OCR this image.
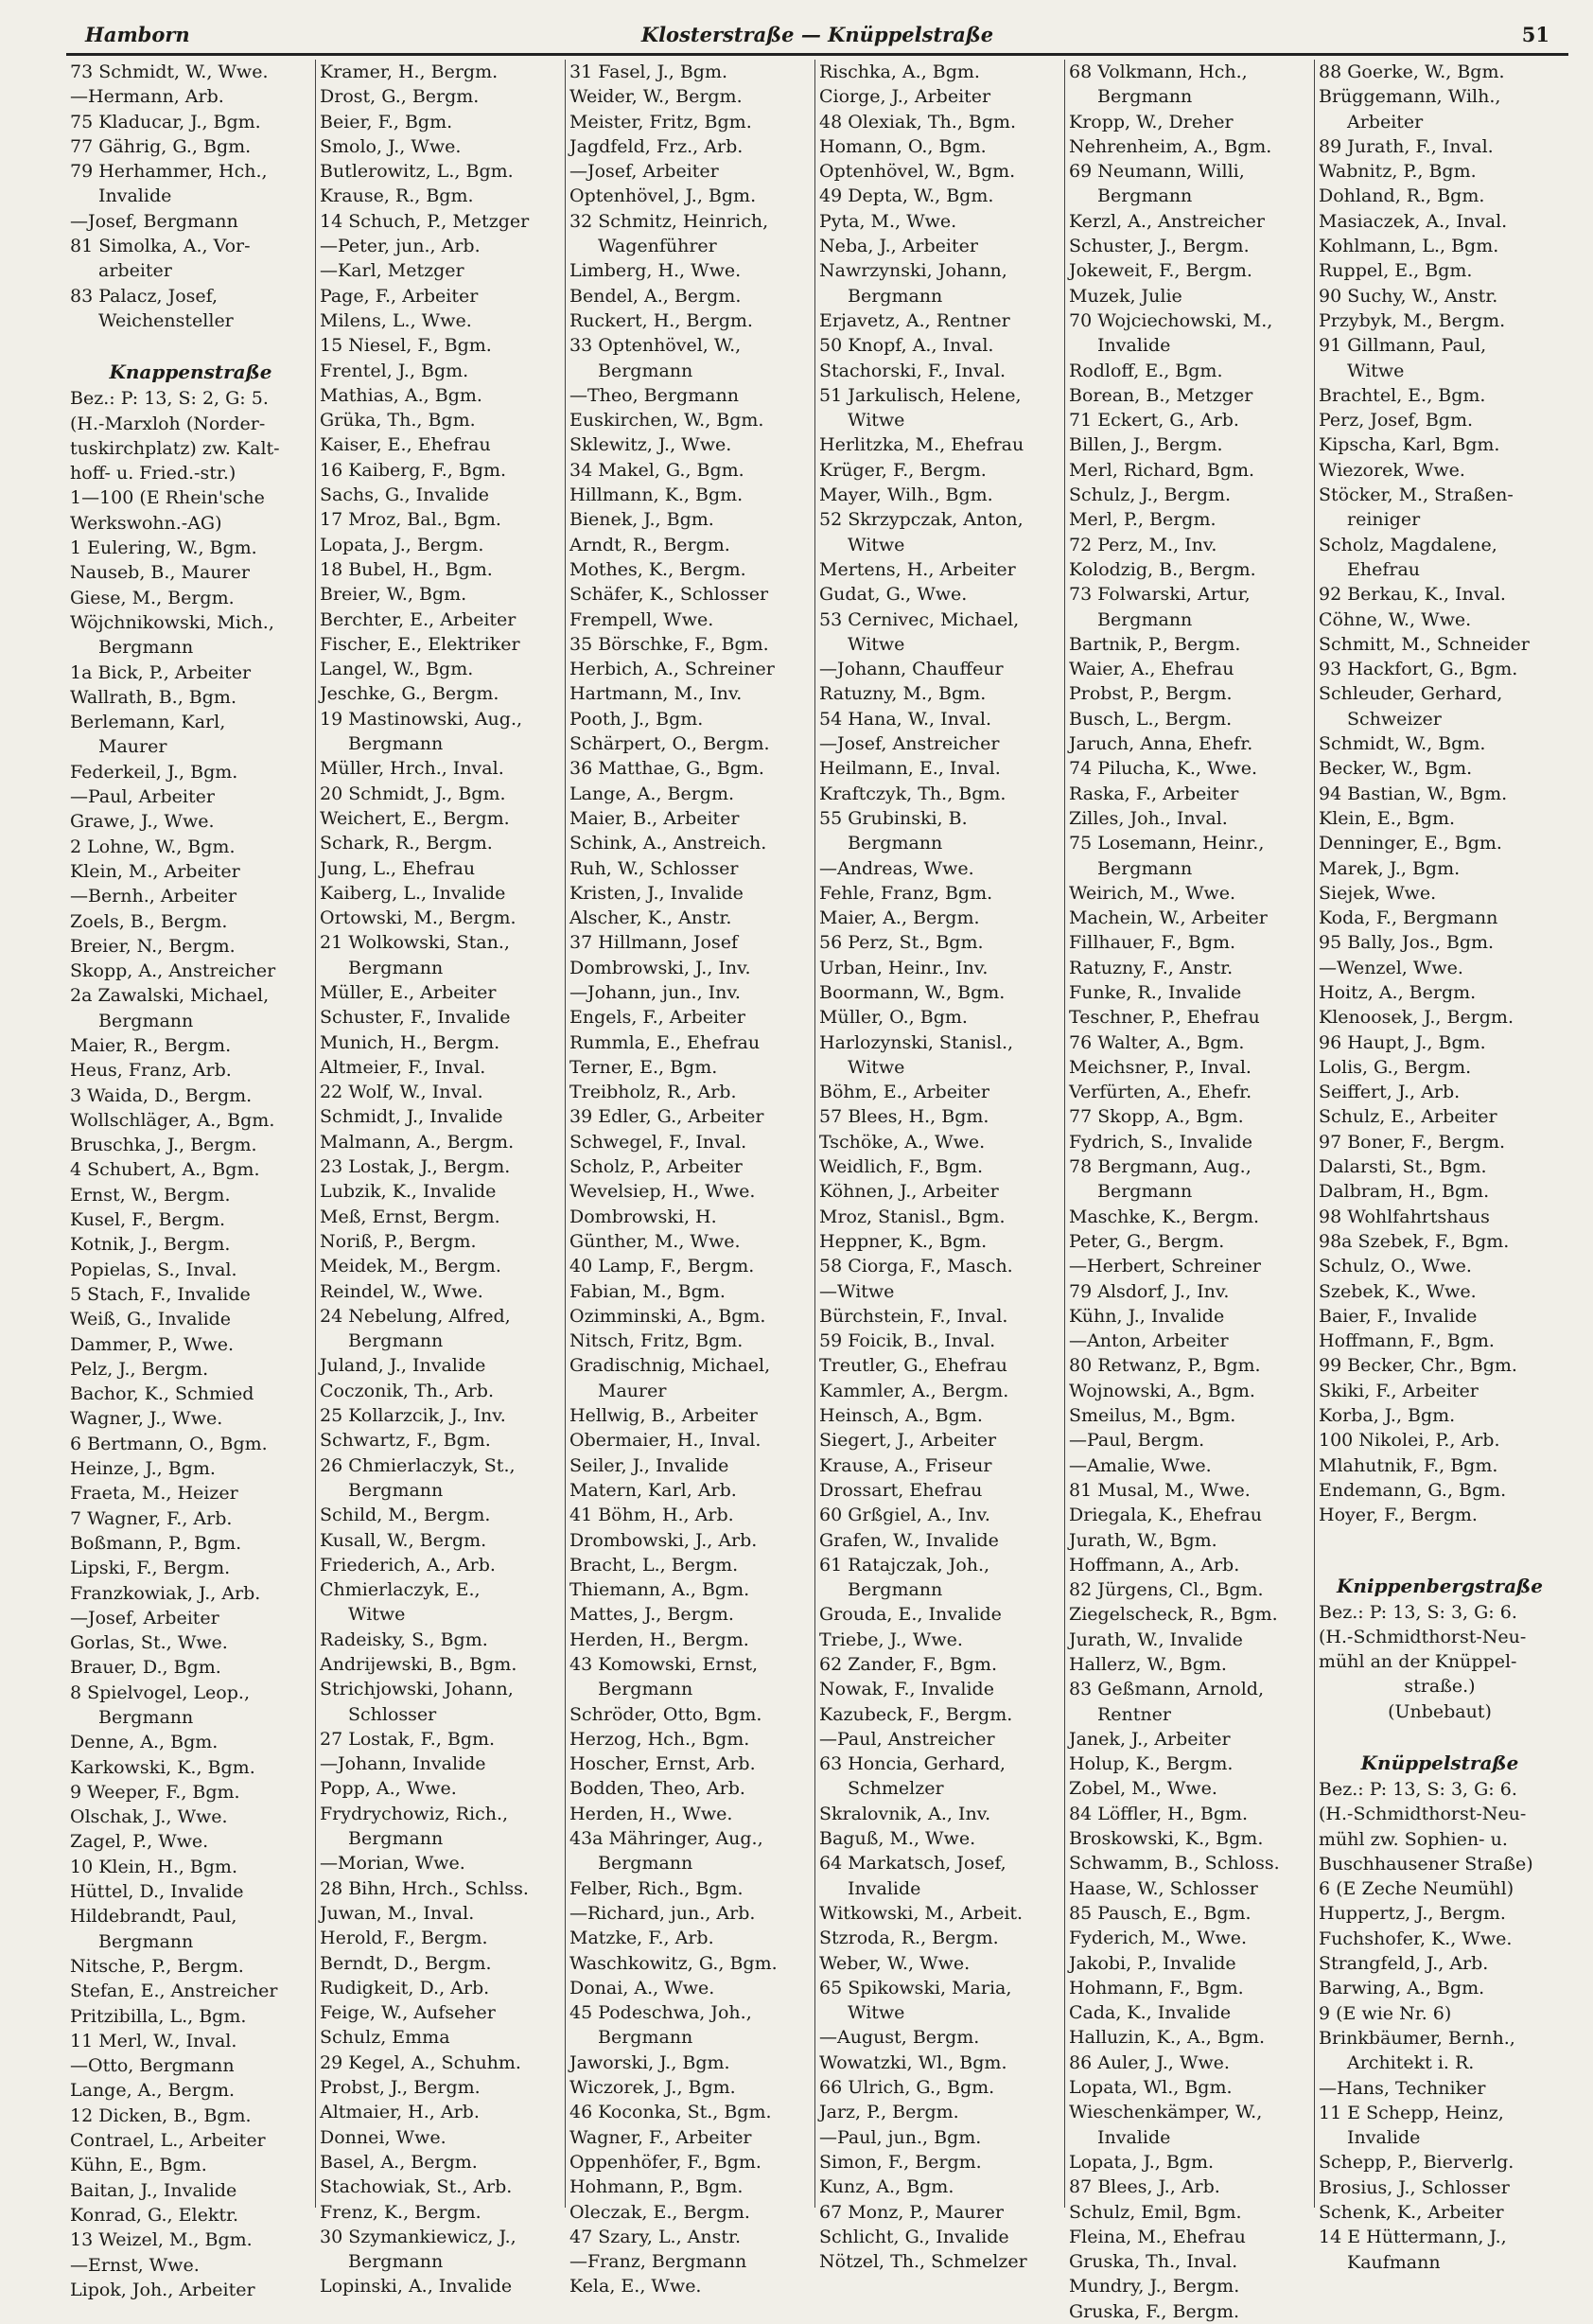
Hamborn	Klosterstraße — Knüppelstraße	51
73 Schmidt, W., Wwe.
—Hermann, Arb.
75 Kladucar, J., Bgm.
77 Gährig, G., Bgm.
79 Herhammer, Hch.,
Invalide
—Josef, Bergmann
81 Simolka, A., Vor-
arbeiter
83 Palacz, Josef,
Weichensteller
Knappenstraße
Bez.: P: 13, S: 2, G: 5.
(H.-Marxloh (Norder-
tuskirchplatz) zw. Kalt-
hoff- u. Fried.-str.)
1—100 (E Rhein'sche
Werkswohn.-AG)
1 Eulering, W., Bgm.
Nauseb, B., Maurer
Giese, M., Bergm.
Wöjchnikowski, Mich.,
Bergmann
1a Bick, P., Arbeiter
Wallrath, B., Bgm.
Berlemann, Karl,
Maurer
Federkeil, J., Bgm.
—Paul, Arbeiter
Grawe, J., Wwe.
2 Lohne, W., Bgm.
Klein, M., Arbeiter
—Bernh., Arbeiter
Zoels, B., Bergm.
Breier, N., Bergm.
Skopp, A., Anstreicher
2a Zawalski, Michael,
Bergmann
Maier, R., Bergm.
Heus, Franz, Arb.
3 Waida, D., Bergm.
Wollschläger, A., Bgm.
Bruschka, J., Bergm.
4 Schubert, A., Bgm.
Ernst, W., Bergm.
Kusel, F., Bergm.
Kotnik, J., Bergm.
Popielas, S., Inval.
5 Stach, F., Invalide
Weiß, G., Invalide
Dammer, P., Wwe.
Pelz, J., Bergm.
Bachor, K., Schmied
Wagner, J., Wwe.
6 Bertmann, O., Bgm.
Heinze, J., Bgm.
Fraeta, M., Heizer
7 Wagner, F., Arb.
Boßmann, P., Bgm.
Lipski, F., Bergm.
Franzkowiak, J., Arb.
—Josef, Arbeiter
Gorlas, St., Wwe.
Brauer, D., Bgm.
8 Spielvogel, Leop.,
Bergmann
Denne, A., Bgm.
Karkowski, K., Bgm.
9 Weeper, F., Bgm.
Olschak, J., Wwe.
Zagel, P., Wwe.
10 Klein, H., Bgm.
Hüttel, D., Invalide
Hildebrandt, Paul,
Bergmann
Nitsche, P., Bergm.
Stefan, E., Anstreicher
Pritzibilla, L., Bgm.
11 Merl, W., Inval.
—Otto, Bergmann
Lange, A., Bergm.
12 Dicken, B., Bgm.
Contrael, L., Arbeiter
Kühn, E., Bgm.
Baitan, J., Invalide
Konrad, G., Elektr.
13 Weizel, M., Bgm.
—Ernst, Wwe.
Lipok, Joh., Arbeiter
Kramer, H., Bergm.
Drost, G., Bergm.
Beier, F., Bgm.
Smolo, J., Wwe.
Butlerowitz, L., Bgm.
Krause, R., Bgm.
14 Schuch, P., Metzger
—Peter, jun., Arb.
—Karl, Metzger
Page, F., Arbeiter
Milens, L., Wwe.
15 Niesel, F., Bgm.
Frentel, J., Bgm.
Mathias, A., Bgm.
Grüka, Th., Bgm.
Kaiser, E., Ehefrau
16 Kaiberg, F., Bgm.
Sachs, G., Invalide
17 Mroz, Bal., Bgm.
Lopata, J., Bergm.
18 Bubel, H., Bgm.
Breier, W., Bgm.
Berchter, E., Arbeiter
Fischer, E., Elektriker
Langel, W., Bgm.
Jeschke, G., Bergm.
19 Mastinowski, Aug.,
Bergmann
Müller, Hrch., Inval.
20 Schmidt, J., Bgm.
Weichert, E., Bergm.
Schark, R., Bergm.
Jung, L., Ehefrau
Kaiberg, L., Invalide
Ortowski, M., Bergm.
21 Wolkowski, Stan.,
Bergmann
Müller, E., Arbeiter
Schuster, F., Invalide
Munich, H., Bergm.
Altmeier, F., Inval.
22 Wolf, W., Inval.
Schmidt, J., Invalide
Malmann, A., Bergm.
23 Lostak, J., Bergm.
Lubzik, K., Invalide
Meß, Ernst, Bergm.
Noriß, P., Bergm.
Meidek, M., Bergm.
Reindel, W., Wwe.
24 Nebelung, Alfred,
Bergmann
Juland, J., Invalide
Coczonik, Th., Arb.
25 Kollarzcik, J., Inv.
Schwartz, F., Bgm.
26 Chmierlaczyk, St.,
Bergmann
Schild, M., Bergm.
Kusall, W., Bergm.
Friederich, A., Arb.
Chmierlaczyk, E.,
Witwe
Radeisky, S., Bgm.
Andrijewski, B., Bgm.
Strichjowski, Johann,
Schlosser
27 Lostak, F., Bgm.
—Johann, Invalide
Popp, A., Wwe.
Frydrychowiz, Rich.,
Bergmann
—Morian, Wwe.
28 Bihn, Hrch., Schlss.
Juwan, M., Inval.
Herold, F., Bergm.
Berndt, D., Bergm.
Rudigkeit, D., Arb.
Feige, W., Aufseher
Schulz, Emma
29 Kegel, A., Schuhm.
Probst, J., Bergm.
Altmaier, H., Arb.
Donnei, Wwe.
Basel, A., Bergm.
Stachowiak, St., Arb.
Frenz, K., Bergm.
30 Szymankiewicz, J.,
Bergmann
Lopinski, A., Invalide
31 Fasel, J., Bgm.
Weider, W., Bergm.
Meister, Fritz, Bgm.
Jagdfeld, Frz., Arb.
—Josef, Arbeiter
Optenhövel, J., Bgm.
32 Schmitz, Heinrich,
Wagenführer
Limberg, H., Wwe.
Bendel, A., Bergm.
Ruckert, H., Bergm.
33 Optenhövel, W.,
Bergmann
—Theo, Bergmann
Euskirchen, W., Bgm.
Sklewitz, J., Wwe.
34 Makel, G., Bgm.
Hillmann, K., Bgm.
Bienek, J., Bgm.
Arndt, R., Bergm.
Mothes, K., Bergm.
Schäfer, K., Schlosser
Frempell, Wwe.
35 Börschke, F., Bgm.
Herbich, A., Schreiner
Hartmann, M., Inv.
Pooth, J., Bgm.
Schärpert, O., Bergm.
36 Matthae, G., Bgm.
Lange, A., Bergm.
Maier, B., Arbeiter
Schink, A., Anstreich.
Ruh, W., Schlosser
Kristen, J., Invalide
Alscher, K., Anstr.
37 Hillmann, Josef
Dombrowski, J., Inv.
—Johann, jun., Inv.
Engels, F., Arbeiter
Rummla, E., Ehefrau
Terner, E., Bgm.
Treibholz, R., Arb.
39 Edler, G., Arbeiter
Schwegel, F., Inval.
Scholz, P., Arbeiter
Wevelsiep, H., Wwe.
Dombrowski, H.
Günther, M., Wwe.
40 Lamp, F., Bergm.
Fabian, M., Bgm.
Ozimminski, A., Bgm.
Nitsch, Fritz, Bgm.
Gradischnig, Michael,
Maurer
Hellwig, B., Arbeiter
Obermaier, H., Inval.
Seiler, J., Invalide
Matern, Karl, Arb.
41 Böhm, H., Arb.
Drombowski, J., Arb.
Bracht, L., Bergm.
Thiemann, A., Bgm.
Mattes, J., Bergm.
Herden, H., Bergm.
43 Komowski, Ernst,
Bergmann
Schröder, Otto, Bgm.
Herzog, Hch., Bgm.
Hoscher, Ernst, Arb.
Bodden, Theo, Arb.
Herden, H., Wwe.
43a Mähringer, Aug.,
Bergmann
Felber, Rich., Bgm.
—Richard, jun., Arb.
Matzke, F., Arb.
Waschkowitz, G., Bgm.
Donai, A., Wwe.
45 Podeschwa, Joh.,
Bergmann
Jaworski, J., Bgm.
Wiczorek, J., Bgm.
46 Koconka, St., Bgm.
Wagner, F., Arbeiter
Oppenhöfer, F., Bgm.
Hohmann, P., Bgm.
Oleczak, E., Bergm.
47 Szary, L., Anstr.
—Franz, Bergmann
Kela, E., Wwe.
Rischka, A., Bgm.
Ciorge, J., Arbeiter
48 Olexiak, Th., Bgm.
Homann, O., Bgm.
Optenhövel, W., Bgm.
49 Depta, W., Bgm.
Pyta, M., Wwe.
Neba, J., Arbeiter
Nawrzynski, Johann,
Bergmann
Erjavetz, A., Rentner
50 Knopf, A., Inval.
Stachorski, F., Inval.
51 Jarkulisch, Helene,
Witwe
Herlitzka, M., Ehefrau
Krüger, F., Bergm.
Mayer, Wilh., Bgm.
52 Skrzypczak, Anton,
Witwe
Mertens, H., Arbeiter
Gudat, G., Wwe.
53 Cernivec, Michael,
Witwe
—Johann, Chauffeur
Ratuzny, M., Bgm.
54 Hana, W., Inval.
—Josef, Anstreicher
Heilmann, E., Inval.
Kraftczyk, Th., Bgm.
55 Grubinski, B.
Bergmann
—Andreas, Wwe.
Fehle, Franz, Bgm.
Maier, A., Bergm.
56 Perz, St., Bgm.
Urban, Heinr., Inv.
Boormann, W., Bgm.
Müller, O., Bgm.
Harlozynski, Stanisl.,
Witwe
Böhm, E., Arbeiter
57 Blees, H., Bgm.
Tschöke, A., Wwe.
Weidlich, F., Bgm.
Köhnen, J., Arbeiter
Mroz, Stanisl., Bgm.
Heppner, K., Bgm.
58 Ciorga, F., Masch.
—Witwe
Bürchstein, F., Inval.
59 Foicik, B., Inval.
Treutler, G., Ehefrau
Kammler, A., Bergm.
Heinsch, A., Bgm.
Siegert, J., Arbeiter
Krause, A., Friseur
Drossart, Ehefrau
60 Grßgiel, A., Inv.
Grafen, W., Invalide
61 Ratajczak, Joh.,
Bergmann
Grouda, E., Invalide
Triebe, J., Wwe.
62 Zander, F., Bgm.
Nowak, F., Invalide
Kazubeck, F., Bergm.
—Paul, Anstreicher
63 Honcia, Gerhard,
Schmelzer
Skralovnik, A., Inv.
Baguß, M., Wwe.
64 Markatsch, Josef,
Invalide
Witkowski, M., Arbeit.
Stzroda, R., Bergm.
Weber, W., Wwe.
65 Spikowski, Maria,
Witwe
—August, Bergm.
Wowatzki, Wl., Bgm.
66 Ulrich, G., Bgm.
Jarz, P., Bergm.
—Paul, jun., Bgm.
Simon, F., Bergm.
Kunz, A., Bgm.
67 Monz, P., Maurer
Schlicht, G., Invalide
Nötzel, Th., Schmelzer
68 Volkmann, Hch.,
Bergmann
Kropp, W., Dreher
Nehrenheim, A., Bgm.
69 Neumann, Willi,
Bergmann
Kerzl, A., Anstreicher
Schuster, J., Bergm.
Jokeweit, F., Bergm.
Muzek, Julie
70 Wojciechowski, M.,
Invalide
Rodloff, E., Bgm.
Borean, B., Metzger
71 Eckert, G., Arb.
Billen, J., Bergm.
Merl, Richard, Bgm.
Schulz, J., Bergm.
Merl, P., Bergm.
72 Perz, M., Inv.
Kolodzig, B., Bergm.
73 Folwarski, Artur,
Bergmann
Bartnik, P., Bergm.
Waier, A., Ehefrau
Probst, P., Bergm.
Busch, L., Bergm.
Jaruch, Anna, Ehefr.
74 Pilucha, K., Wwe.
Raska, F., Arbeiter
Zilles, Joh., Inval.
75 Losemann, Heinr.,
Bergmann
Weirich, M., Wwe.
Machein, W., Arbeiter
Fillhauer, F., Bgm.
Ratuzny, F., Anstr.
Funke, R., Invalide
Teschner, P., Ehefrau
76 Walter, A., Bgm.
Meichsner, P., Inval.
Verfürten, A., Ehefr.
77 Skopp, A., Bgm.
Fydrich, S., Invalide
78 Bergmann, Aug.,
Bergmann
Maschke, K., Bergm.
Peter, G., Bergm.
—Herbert, Schreiner
79 Alsdorf, J., Inv.
Kühn, J., Invalide
—Anton, Arbeiter
80 Retwanz, P., Bgm.
Wojnowski, A., Bgm.
Smeilus, M., Bgm.
—Paul, Bergm.
—Amalie, Wwe.
81 Musal, M., Wwe.
Driegala, K., Ehefrau
Jurath, W., Bgm.
Hoffmann, A., Arb.
82 Jürgens, Cl., Bgm.
Ziegelscheck, R., Bgm.
Jurath, W., Invalide
Hallerz, W., Bgm.
83 Geßmann, Arnold,
Rentner
Janek, J., Arbeiter
Holup, K., Bergm.
Zobel, M., Wwe.
84 Löffler, H., Bgm.
Broskowski, K., Bgm.
Schwamm, B., Schloss.
Haase, W., Schlosser
85 Pausch, E., Bgm.
Fyderich, M., Wwe.
Jakobi, P., Invalide
Hohmann, F., Bgm.
Cada, K., Invalide
Halluzin, K., A., Bgm.
86 Auler, J., Wwe.
Lopata, Wl., Bgm.
Wieschenkämper, W.,
Invalide
Lopata, J., Bgm.
87 Blees, J., Arb.
Schulz, Emil, Bgm.
Fleina, M., Ehefrau
Gruska, Th., Inval.
Mundry, J., Bergm.
Gruska, F., Bergm.
88 Goerke, W., Bgm.
Brüggemann, Wilh.,
Arbeiter
89 Jurath, F., Inval.
Wabnitz, P., Bgm.
Dohland, R., Bgm.
Masiaczek, A., Inval.
Kohlmann, L., Bgm.
Ruppel, E., Bgm.
90 Suchy, W., Anstr.
Przybyk, M., Bergm.
91 Gillmann, Paul,
Witwe
Brachtel, E., Bgm.
Perz, Josef, Bgm.
Kipscha, Karl, Bgm.
Wiezorek, Wwe.
Stöcker, M., Straßen-
reiniger
Scholz, Magdalene,
Ehefrau
92 Berkau, K., Inval.
Cöhne, W., Wwe.
Schmitt, M., Schneider
93 Hackfort, G., Bgm.
Schleuder, Gerhard,
Schweizer
Schmidt, W., Bgm.
Becker, W., Bgm.
94 Bastian, W., Bgm.
Klein, E., Bgm.
Denninger, E., Bgm.
Marek, J., Bgm.
Siejek, Wwe.
Koda, F., Bergmann
95 Bally, Jos., Bgm.
—Wenzel, Wwe.
Hoitz, A., Bergm.
Klenoosek, J., Bergm.
96 Haupt, J., Bgm.
Lolis, G., Bergm.
Seiffert, J., Arb.
Schulz, E., Arbeiter
97 Boner, F., Bergm.
Dalarsti, St., Bgm.
Dalbram, H., Bgm.
98 Wohlfahrtshaus
98a Szebek, F., Bgm.
Schulz, O., Wwe.
Szebek, K., Wwe.
Baier, F., Invalide
Hoffmann, F., Bgm.
99 Becker, Chr., Bgm.
Skiki, F., Arbeiter
Korba, J., Bgm.
100 Nikolei, P., Arb.
Mlahutnik, F., Bgm.
Endemann, G., Bgm.
Hoyer, F., Bergm.
Knippenbergstraße
Bez.: P: 13, S: 3, G: 6.
(H.-Schmidthorst-Neu-
mühl an der Knüppel-
straße.)
(Unbebaut)
Knüppelstraße
Bez.: P: 13, S: 3, G: 6.
(H.-Schmidthorst-Neu-
mühl zw. Sophien- u.
Buschhausener Straße)
6 (E Zeche Neumühl)
Huppertz, J., Bergm.
Fuchshofer, K., Wwe.
Strangfeld, J., Arb.
Barwing, A., Bgm.
9 (E wie Nr. 6)
Brinkbäumer, Bernh.,
Architekt i. R.
—Hans, Techniker
11 E Schepp, Heinz,
Invalide
Schepp, P., Bierverlg.
Brosius, J., Schlosser
Schenk, K., Arbeiter
14 E Hüttermann, J.,
Kaufmann
